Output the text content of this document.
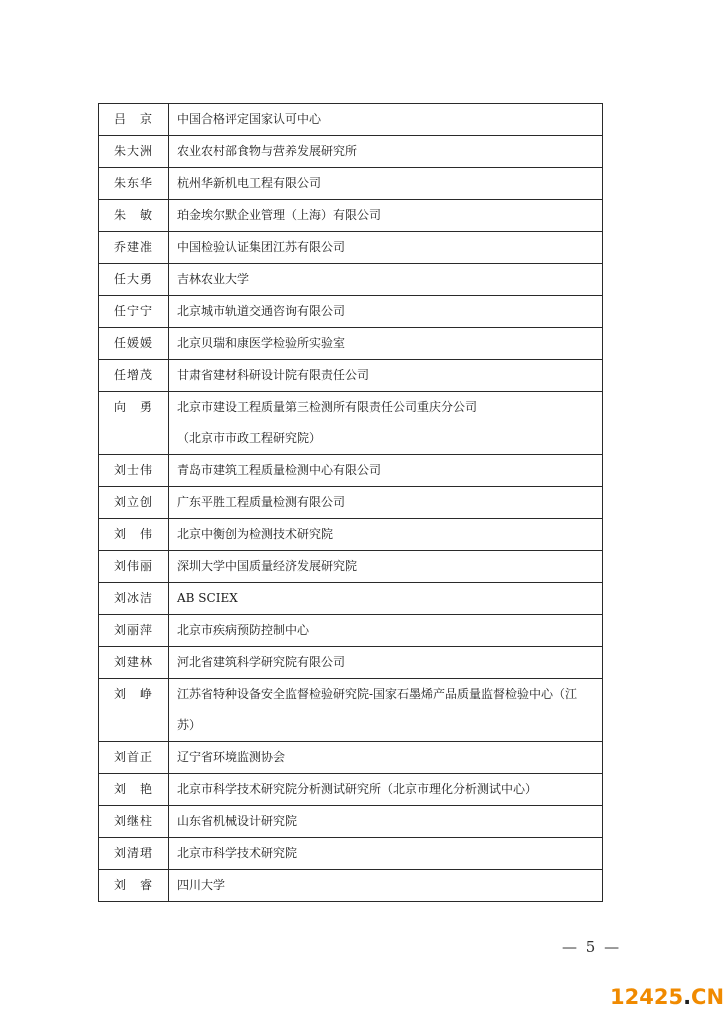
吕　京	中国合格评定国家认可中心

朱大洲	农业农村部食物与营养发展研究所

朱东华	杭州华新机电工程有限公司

朱　敏	珀金埃尔默企业管理（上海）有限公司

乔建准	中国检验认证集团江苏有限公司

任大勇	吉林农业大学

任宁宁	北京城市轨道交通咨询有限公司

任媛媛	北京贝瑞和康医学检验所实验室

任增茂	甘肃省建材科研设计院有限责任公司

向　勇	北京市建设工程质量第三检测所有限责任公司重庆分公司
（北京市市政工程研究院）

刘士伟	青岛市建筑工程质量检测中心有限公司

刘立创	广东平胜工程质量检测有限公司

刘　伟	北京中衡创为检测技术研究院

刘伟丽	深圳大学中国质量经济发展研究院

刘冰洁	AB SCIEX

刘丽萍	北京市疾病预防控制中心

刘建林	河北省建筑科学研究院有限公司

刘　峥	江苏省特种设备安全监督检验研究院-国家石墨烯产品质量监督检验中心（江
苏）

刘首正	辽宁省环境监测协会

刘　艳	北京市科学技术研究院分析测试研究所（北京市理化分析测试中心）

刘继柱	山东省机械设计研究院

刘清珺	北京市科学技术研究院

刘　睿	四川大学
— 5 —
12425.CN
